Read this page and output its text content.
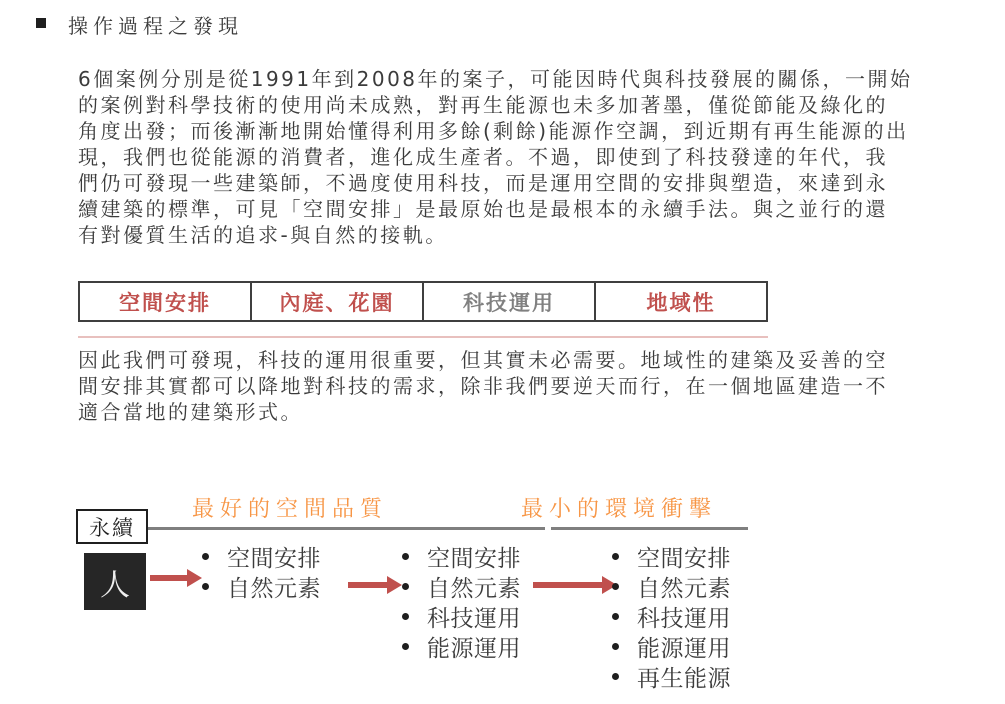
操作過程之發現
6個案例分別是從1991年到2008年的案子，可能因時代與科技發展的關係，一開始
的案例對科學技術的使用尚未成熟，對再生能源也未多加著墨，僅從節能及綠化的
角度出發；而後漸漸地開始懂得利用多餘(剩餘)能源作空調，到近期有再生能源的出
現，我們也從能源的消費者，進化成生產者。不過，即使到了科技發達的年代，我
們仍可發現一些建築師，不過度使用科技，而是運用空間的安排與塑造，來達到永
續建築的標準，可見「空間安排」是最原始也是最根本的永續手法。與之並行的還
有對優質生活的追求-與自然的接軌。
空間安排	內庭、花園	科技運用	地域性
因此我們可發現，科技的運用很重要，但其實未必需要。地域性的建築及妥善的空
間安排其實都可以降地對科技的需求，除非我們要逆天而行，在一個地區建造一不
適合當地的建築形式。
最好的空間品質	最小的環境衝擊
永續
人
空間安排
自然元素
空間安排
自然元素
科技運用
能源運用
空間安排
自然元素
科技運用
能源運用
再生能源
